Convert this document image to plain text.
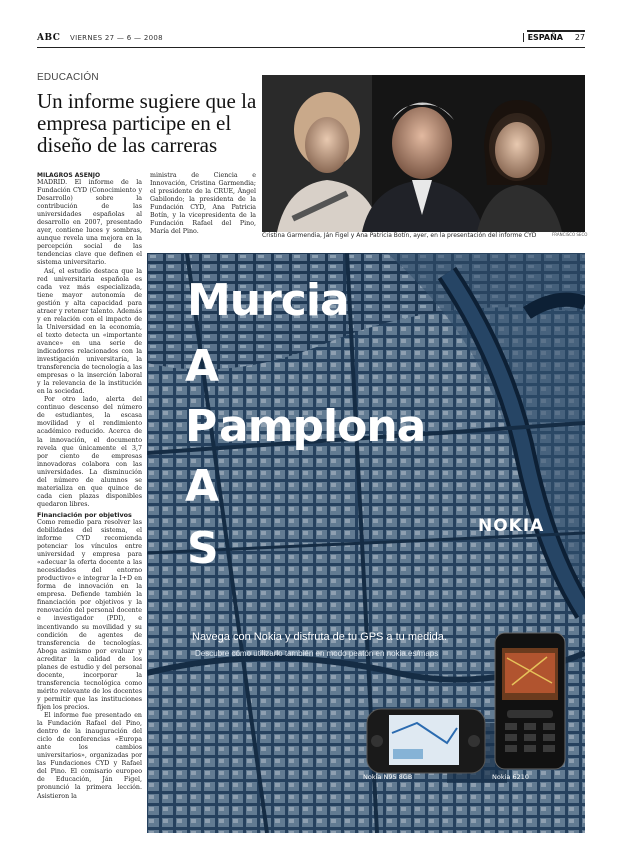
ABC VIERNES 27 — 6 — 2008	ESPAÑA 27
EDUCACIÓN
Un informe sugiere que la empresa participe en el diseño de las carreras
FRANCISCO SECO
Cristina Garmendia, Ján Figel y Ana Patricia Botín, ayer, en la presentación del informe CYD
MILAGROS ASENJO

MADRID. El informe de la Fundación CYD (Conocimiento y Desarrollo) sobre la contribución de las universidades españolas al desarrollo en 2007, presentado ayer, contiene luces y sombras, aunque revela una mejora en la percepción social de las tendencias clave que definen el sistema universitario.

Así, el estudio destaca que la red universitaria española es cada vez más especializada, tiene mayor autonomía de gestión y alta capacidad para atraer y retener talento. Además y en relación con el impacto de la Universidad en la economía, el texto detecta un «importante avance» en una serie de indicadores relacionados con la investigación universitaria, la transferencia de tecnología a las empresas o la inserción laboral y la relevancia de la institución en la sociedad.

Por otro lado, alerta del continuo descenso del número de estudiantes, la escasa movilidad y el rendimiento académico reducido. Acerca de la innovación, el documento revela que únicamente el 3,7 por ciento de empresas innovadoras colabora con las universidades. La disminución del número de alumnos se materializa en que quince de cada cien plazas disponibles quedaron libres.

Financiación por objetivos

Como remedio para resolver las debilidades del sistema, el informe CYD recomienda potenciar los vínculos entre universidad y empresa para «adecuar la oferta docente a las necesidades del entorno productivo» e integrar la I+D en forma de innovación en la empresa. Defiende también la financiación por objetivos y la renovación del personal docente e investigador (PDI), e incentivando su movilidad y su condición de agentes de transferencia de tecnologías. Aboga asimismo por evaluar y acreditar la calidad de los planes de estudio y del personal docente, incorporar la transferencia tecnológica como mérito relevante de los docentes y permitir que las instituciones fijen los precios.

El informe fue presentado en la Fundación Rafael del Pino, dentro de la inauguración del ciclo de conferencias «Europa ante los cambios universitarios», organizadas por las Fundaciones CYD y Rafael del Pino. El comisario europeo de Educación, Ján Figel, pronunció la primera lección. Asistieron la

ministra de Ciencia e Innovación, Cristina Garmendia; el presidente de la CRUE, Ángel Gabilondo; la presidenta de la Fundación CYD, Ana Patricia Botín, y la vicepresidenta de la Fundación Rafael del Pino, María del Pino.

Murcia
A
P amplona
A
S	NOKIA
Navega con Nokia y disfruta de tu GPS a tu medida.
Descubre cómo utilizarlo también en modo peatón en nokia.es/maps
Nokia N95 8GB	Nokia 6210
